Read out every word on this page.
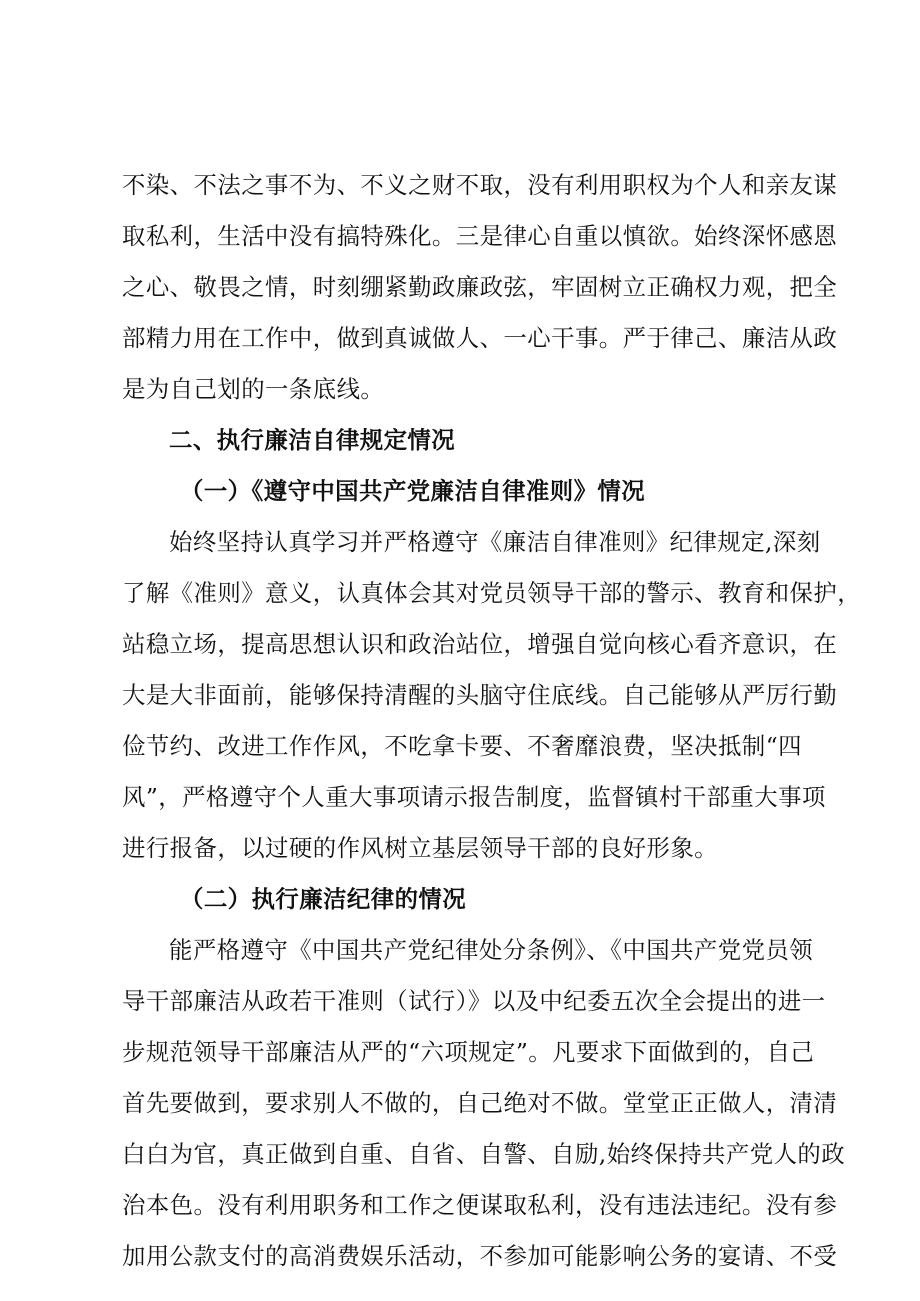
不染、不法之事不为、不义之财不取，没有利用职权为个人和亲友谋
取私利，生活中没有搞特殊化。三是律心自重以慎欲。始终深怀感恩
之心、敬畏之情，时刻绷紧勤政廉政弦，牢固树立正确权力观，把全
部精力用在工作中，做到真诚做人、一心干事。严于律己、廉洁从政
是为自己划的一条底线。
二、执行廉洁自律规定情况
（一）《遵守中国共产党廉洁自律准则》情况
始终坚持认真学习并严格遵守《廉洁自律准则》纪律规定,深刻
了解《准则》意义，认真体会其对党员领导干部的警示、教育和保护，
站稳立场，提高思想认识和政治站位，增强自觉向核心看齐意识，在
大是大非面前，能够保持清醒的头脑守住底线。自己能够从严厉行勤
俭节约、改进工作作风，不吃拿卡要、不奢靡浪费，坚决抵制“四
风”，严格遵守个人重大事项请示报告制度，监督镇村干部重大事项
进行报备，以过硬的作风树立基层领导干部的良好形象。
（二）执行廉洁纪律的情况
能严格遵守《中国共产党纪律处分条例》、《中国共产党党员领
导干部廉洁从政若干准则（试行）》以及中纪委五次全会提出的进一
步规范领导干部廉洁从严的“六项规定”。凡要求下面做到的，自己
首先要做到，要求别人不做的，自己绝对不做。堂堂正正做人，清清
白白为官，真正做到自重、自省、自警、自励,始终保持共产党人的政
治本色。没有利用职务和工作之便谋取私利，没有违法违纪。没有参
加用公款支付的高消费娱乐活动，不参加可能影响公务的宴请、不受
